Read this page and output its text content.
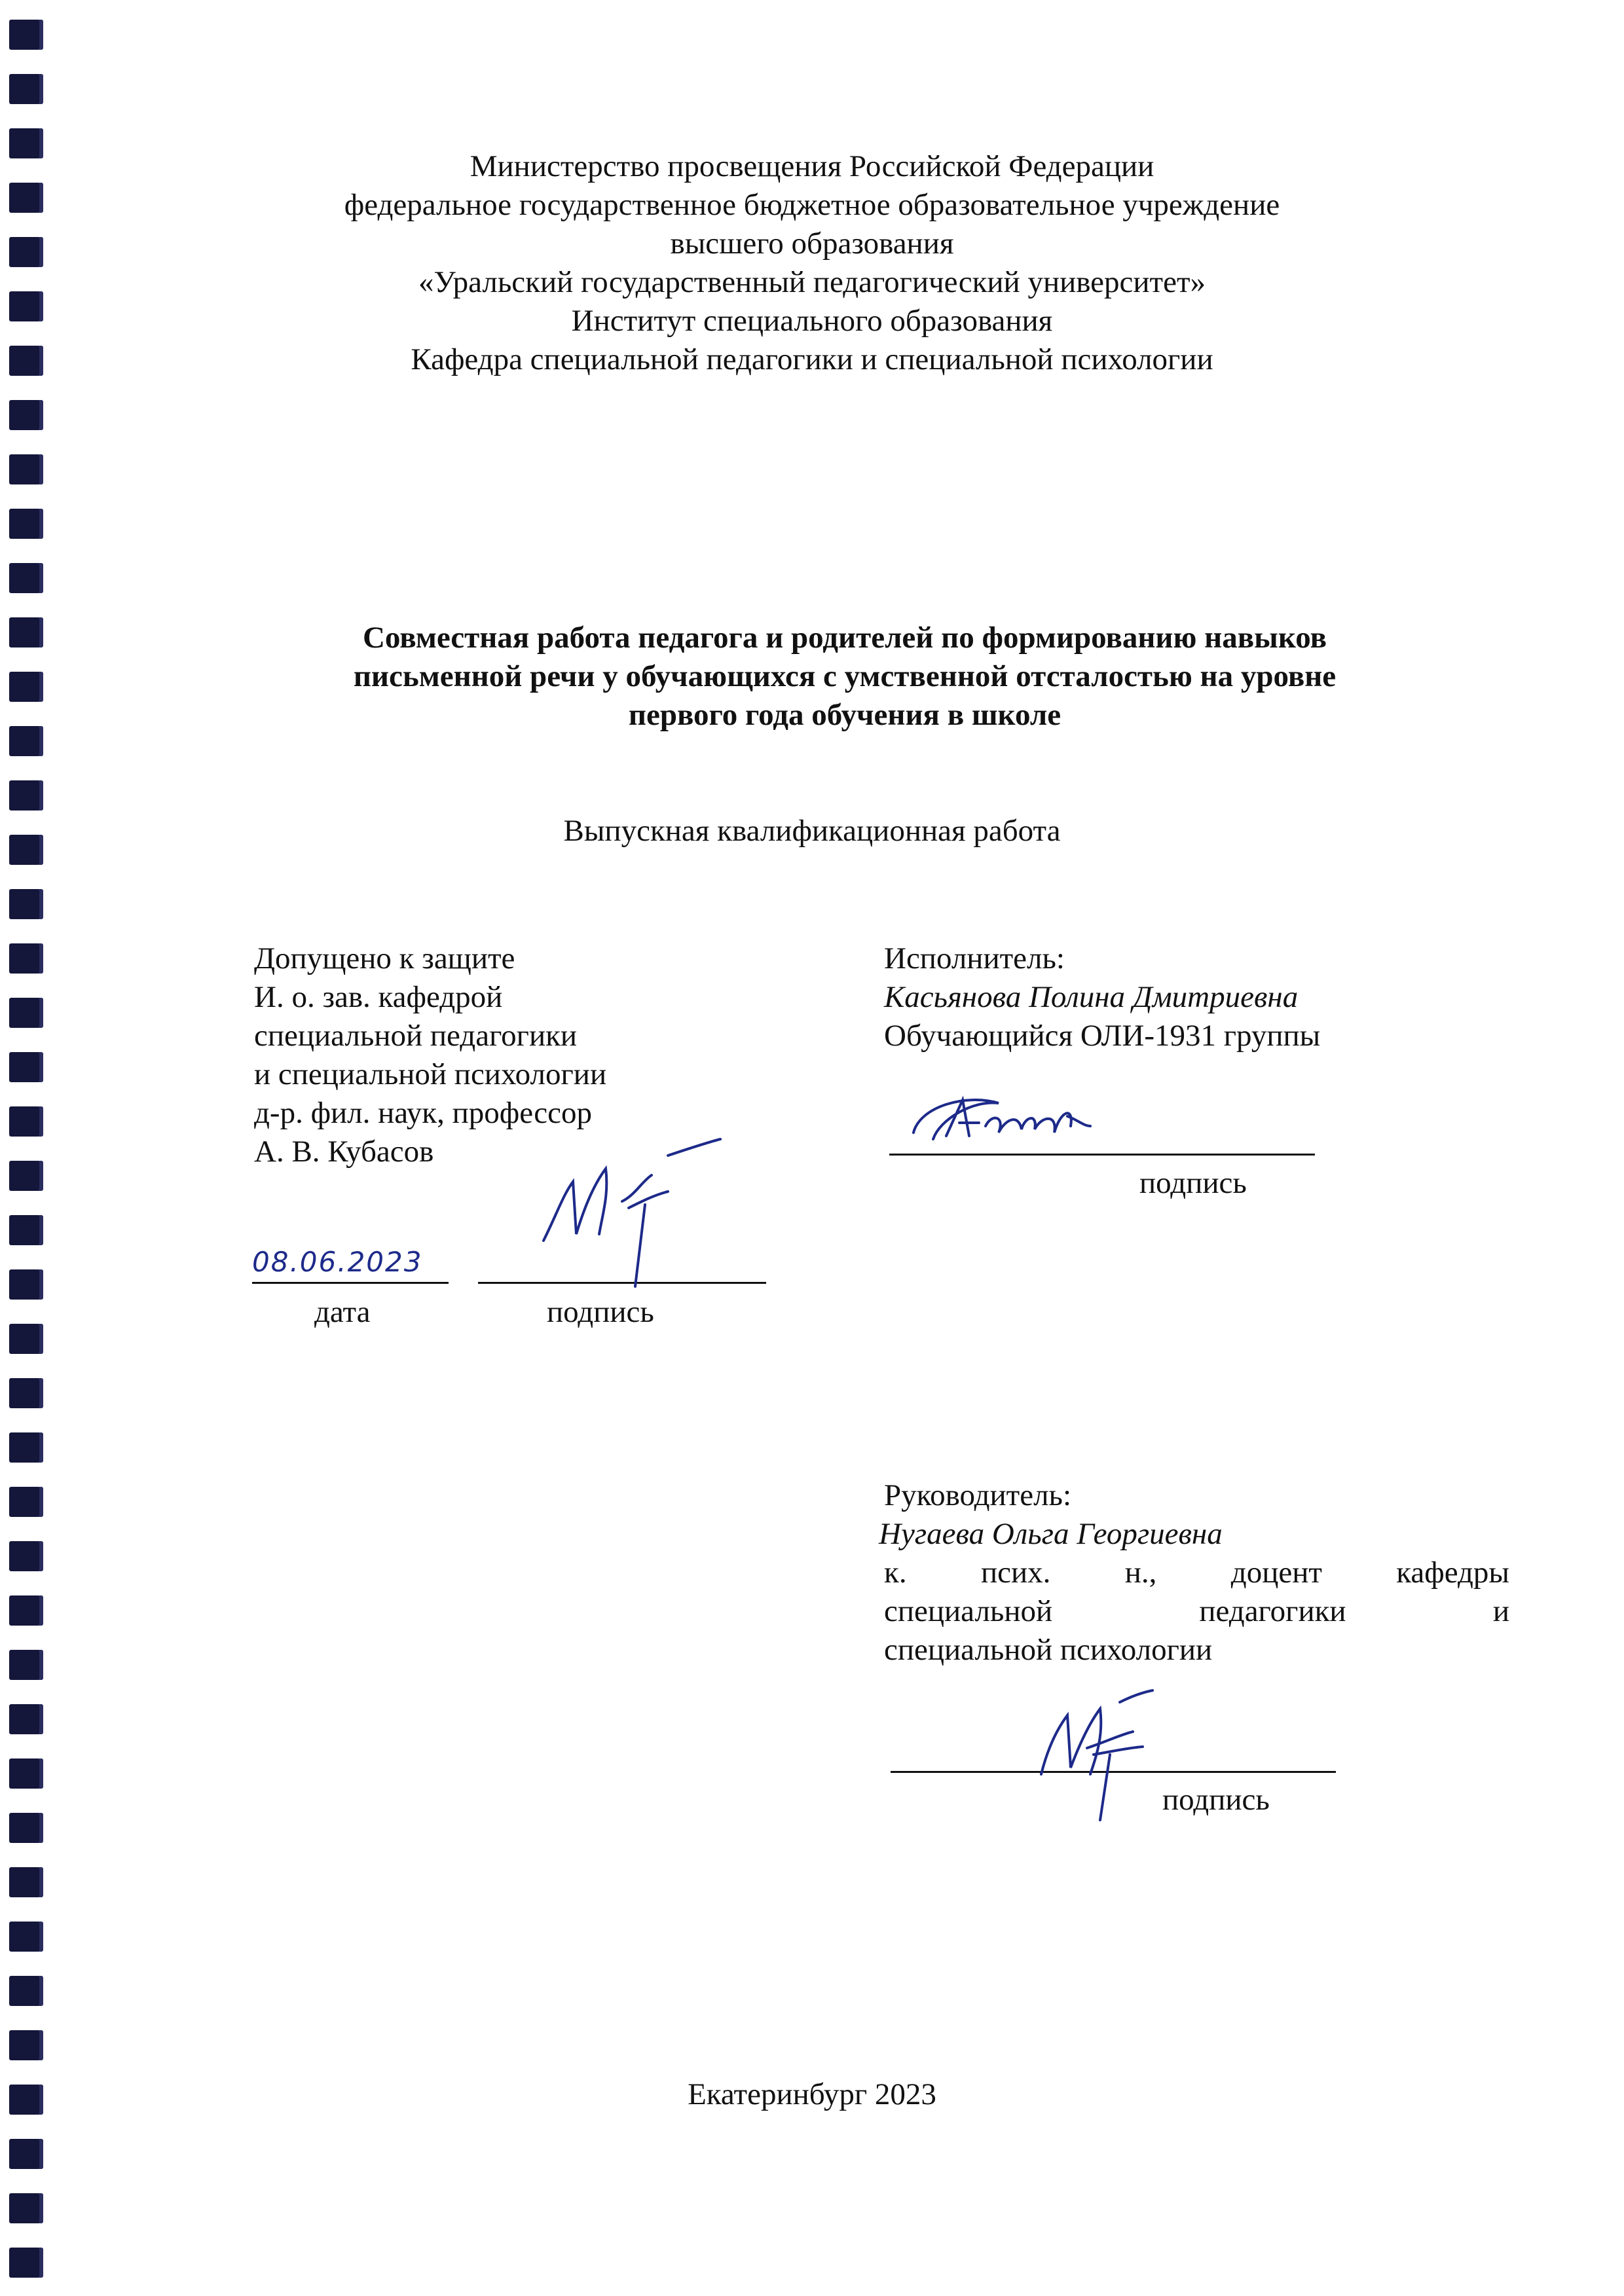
Министерство просвещения Российской Федерации
федеральное государственное бюджетное образовательное учреждение
высшего образования
«Уральский государственный педагогический университет»
Институт специального образования
Кафедра специальной педагогики и специальной психологии
Совместная работа педагога и родителей по формированию навыков
письменной речи у обучающихся с умственной отсталостью на уровне
первого года обучения в школе
Выпускная квалификационная работа
Допущено к защите
И. о. зав. кафедрой
специальной педагогики
и специальной психологии
д-р. фил. наук, профессор
А. В. Кубасов
Исполнитель:
Касьянова Полина Дмитриевна
Обучающийся ОЛИ-1931 группы
подпись
08.06.2023
дата	подпись
Руководитель:
Нугаева Ольга Георгиевна
к. псих. н., доцент кафедры
специальной	педагогики	и
специальной психологии
подпись
Екатеринбург 2023
